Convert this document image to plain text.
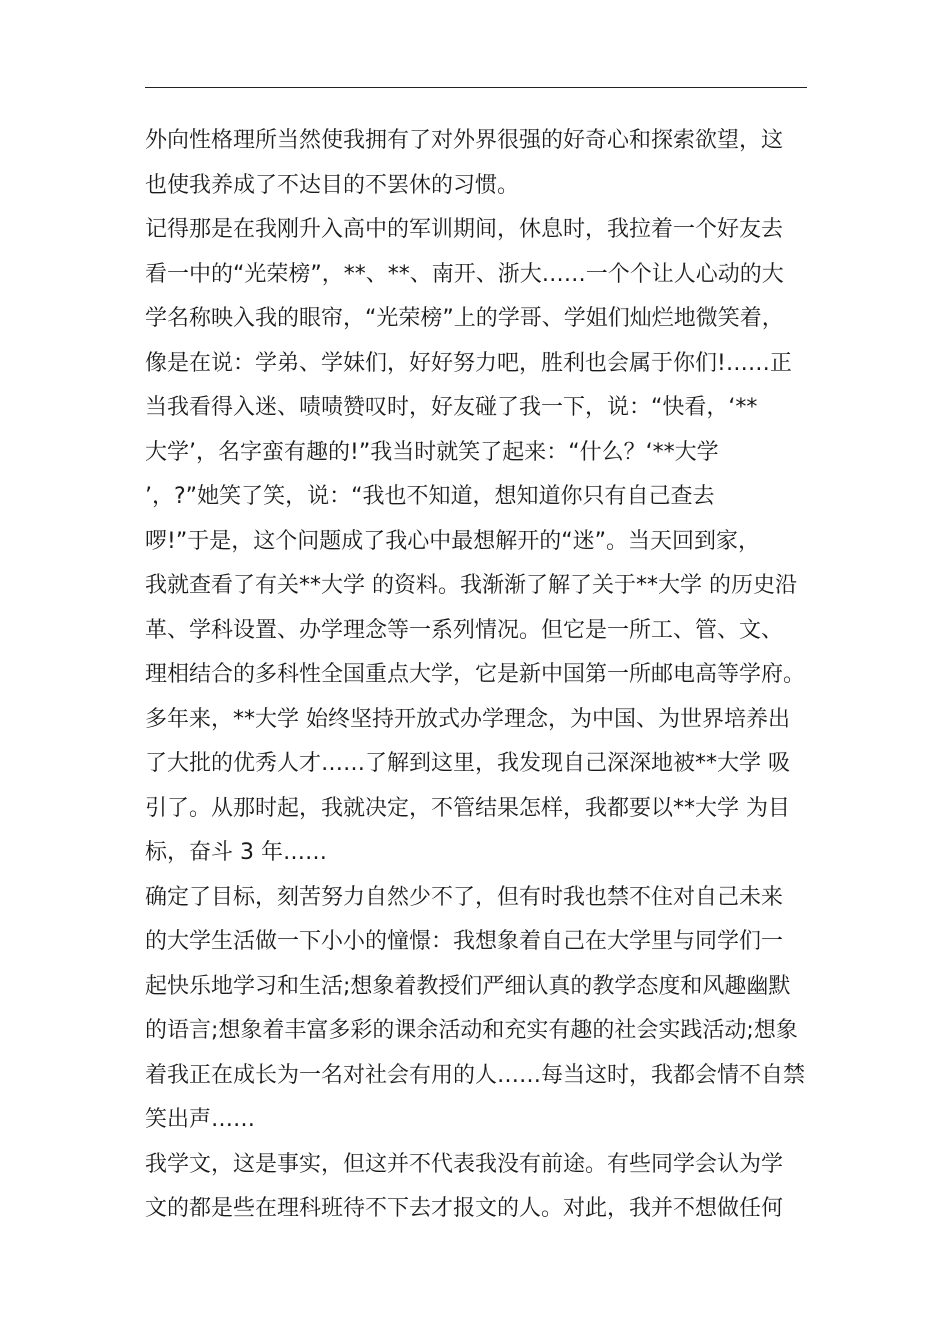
外向性格理所当然使我拥有了对外界很强的好奇心和探索欲望，这
也使我养成了不达目的不罢休的习惯。
记得那是在我刚升入高中的军训期间，休息时，我拉着一个好友去
看一中的“光荣榜”，**、**、南开、浙大……一个个让人心动的大
学名称映入我的眼帘，“光荣榜”上的学哥、学姐们灿烂地微笑着，
像是在说：学弟、学妹们，好好努力吧，胜利也会属于你们!……正
当我看得入迷、啧啧赞叹时，好友碰了我一下，说：“快看，‘**
大学’，名字蛮有趣的!”我当时就笑了起来：“什么？‘**大学
’，?”她笑了笑，说：“我也不知道，想知道你只有自己查去
啰!”于是，这个问题成了我心中最想解开的“迷”。当天回到家，
我就查看了有关**大学 的资料。我渐渐了解了关于**大学 的历史沿
革、学科设置、办学理念等一系列情况。但它是一所工、管、文、
理相结合的多科性全国重点大学，它是新中国第一所邮电高等学府。
多年来，**大学 始终坚持开放式办学理念，为中国、为世界培养出
了大批的优秀人才……了解到这里，我发现自己深深地被**大学 吸
引了。从那时起，我就决定，不管结果怎样，我都要以**大学 为目
标，奋斗 3 年……
确定了目标，刻苦努力自然少不了，但有时我也禁不住对自己未来
的大学生活做一下小小的憧憬：我想象着自己在大学里与同学们一
起快乐地学习和生活;想象着教授们严细认真的教学态度和风趣幽默
的语言;想象着丰富多彩的课余活动和充实有趣的社会实践活动;想象
着我正在成长为一名对社会有用的人……每当这时，我都会情不自禁
笑出声……
我学文，这是事实，但这并不代表我没有前途。有些同学会认为学
文的都是些在理科班待不下去才报文的人。对此，我并不想做任何
